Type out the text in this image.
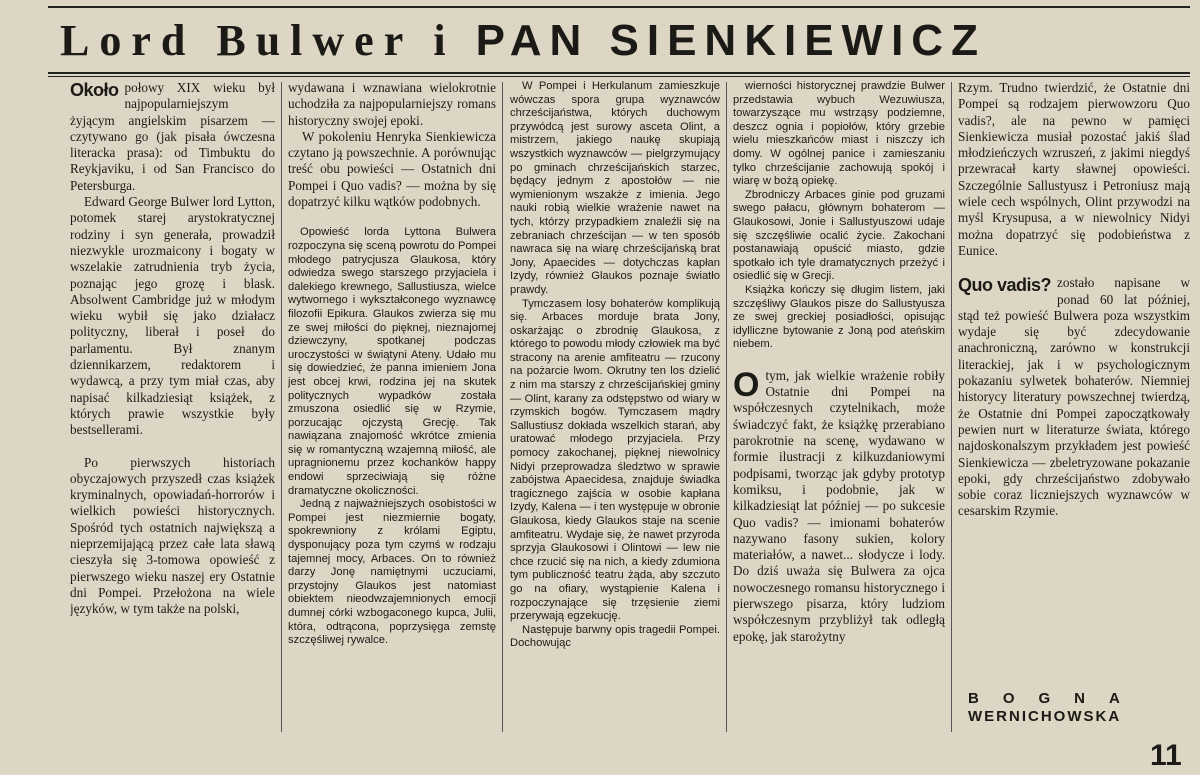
Lord Bulwer i PAN SIENKIEWICZ

Około połowy XIX wieku był najpopularniejszym żyjącym angielskim pisarzem — czytywano go (jak pisała ówczesna literacka prasa): od Timbuktu do Reykjaviku, i od San Francisco do Petersburga.

Edward George Bulwer lord Lytton, potomek starej arystokratycznej rodziny i syn generała, prowadził niezwykle urozmaicony i bogaty w wszelakie zatrudnienia tryb życia, poznając jego grozę i blask. Absolwent Cambridge już w młodym wieku wybił się jako działacz polityczny, liberał i poseł do parlamentu. Był znanym dziennikarzem, redaktorem i wydawcą, a przy tym miał czas, aby napisać kilkadziesiąt książek, z których prawie wszystkie były bestsellerami.

Po pierwszych historiach obyczajowych przyszedł czas książek kryminalnych, opowiadań-horrorów i wielkich powieści historycznych. Spośród tych ostatnich największą a nieprzemijającą przez całe lata sławą cieszyła się 3-tomowa opowieść z pierwszego wieku naszej ery Ostatnie dni Pompei. Przełożona na wiele języków, w tym także na polski,

wydawana i wznawiana wielokrotnie uchodziła za najpopularniejszy romans historyczny swojej epoki.

W pokoleniu Henryka Sienkiewicza czytano ją powszechnie. A porównując treść obu powieści — Ostatnich dni Pompei i Quo vadis? — można by się dopatrzyć kilku wątków podobnych.

Opowieść lorda Lyttona Bulwera rozpoczyna się sceną powrotu do Pompei młodego patrycjusza Glaukosa, który odwiedza swego starszego przyjaciela i dalekiego krewnego, Sallustiusza, wielce wytwornego i wykształconego wyznawcę filozofii Epikura. Glaukos zwierza się mu ze swej miłości do pięknej, nieznajomej dziewczyny, spotkanej podczas uroczystości w świątyni Ateny. Udało mu się dowiedzieć, że panna imieniem Jona jest obcej krwi, rodzina jej na skutek politycznych wypadków została zmuszona osiedlić się w Rzymie, porzucając ojczystą Grecję. Tak nawiązana znajomość wkrótce zmienia się w romantyczną wzajemną miłość, ale upragnionemu przez kochanków happy endowi sprzeciwiają się różne dramatyczne okoliczności.

Jedną z najważniejszych osobistości w Pompei jest niezmiernie bogaty, spokrewniony z królami Egiptu, dysponujący poza tym czymś w rodzaju tajemnej mocy, Arbaces. On to również darzy Jonę namiętnymi uczuciami, przystojny Glaukos jest natomiast obiektem nieodwzajemnionych emocji dumnej córki wzbogaconego kupca, Julii, która, odtrącona, poprzysięga zemstę szczęśliwej rywalce.

W Pompei i Herkulanum zamieszkuje wówczas spora grupa wyznawców chrześcijaństwa, których duchowym przywódcą jest surowy asceta Olint, a mistrzem, jakiego naukę skupiają wszystkich wyznawców — pielgrzymujący po gminach chrześcijańskich starzec, będący jednym z apostołów — nie wymienionym wszakże z imienia. Jego nauki robią wielkie wrażenie nawet na tych, którzy przypadkiem znaleźli się na zebraniach chrześcijan — w ten sposób nawraca się na wiarę chrześcijańską brat Jony, Apaecides — dotychczas kapłan Izydy, również Glaukos poznaje światło prawdy.

Tymczasem losy bohaterów komplikują się. Arbaces morduje brata Jony, oskarżając o zbrodnię Glaukosa, z którego to powodu młody człowiek ma być stracony na arenie amfiteatru — rzucony na pożarcie lwom. Okrutny ten los dzielić z nim ma starszy z chrześcijańskiej gminy — Olint, karany za odstępstwo od wiary w rzymskich bogów. Tymczasem mądry Sallustiusz dokłada wszelkich starań, aby uratować młodego przyjaciela. Przy pomocy zakochanej, pięknej niewolnicy Nidyi przeprowadza śledztwo w sprawie zabójstwa Apaecidesa, znajduje świadka tragicznego zajścia w osobie kapłana Izydy, Kalena — i ten występuje w obronie Glaukosa, kiedy Glaukos staje na scenie amfiteatru. Wydaje się, że nawet przyroda sprzyja Glaukosowi i Olintowi — lew nie chce rzucić się na nich, a kiedy zdumiona tym publiczność teatru żąda, aby szczuto go na ofiary, wystąpienie Kalena i rozpoczynające się trzęsienie ziemi przerywają egzekucję.

Następuje barwny opis tragedii Pompei. Dochowując

wierności historycznej prawdzie Bulwer przedstawia wybuch Wezuwiusza, towarzyszące mu wstrząsy podziemne, deszcz ognia i popiołów, który grzebie wielu mieszkańców miast i niszczy ich domy. W ogólnej panice i zamieszaniu tylko chrześcijanie zachowują spokój i wiarę w bożą opiekę.

Zbrodniczy Arbaces ginie pod gruzami swego pałacu, głównym bohaterom — Glaukosowi, Jonie i Sallustyuszowi udaje się szczęśliwie ocalić życie. Zakochani postanawiają opuścić miasto, gdzie spotkało ich tyle dramatycznych przeżyć i osiedlić się w Grecji.

Książka kończy się długim listem, jaki szczęśliwy Glaukos pisze do Sallustyusza ze swej greckiej posiadłości, opisując idylliczne bytowanie z Joną pod ateńskim niebem.

Otym, jak wielkie wrażenie robiły Ostatnie dni Pompei na współczesnych czytelnikach, może świadczyć fakt, że książkę przerabiano parokrotnie na scenę, wydawano w formie ilustracji z kilkuzdaniowymi podpisami, tworząc jak gdyby prototyp komiksu, i podobnie, jak w kilkadziesiąt lat później — po sukcesie Quo vadis? — imionami bohaterów nazywano fasony sukien, kolory materiałów, a nawet... słodycze i lody. Do dziś uważa się Bulwera za ojca nowoczesnego romansu historycznego i pierwszego pisarza, który ludziom współczesnym przybliżył tak odległą epokę, jak starożytny

Rzym. Trudno twierdzić, że Ostatnie dni Pompei są rodzajem pierwowzoru Quo vadis?, ale na pewno w pamięci Sienkiewicza musiał pozostać jakiś ślad młodzieńczych wzruszeń, z jakimi niegdyś przewracał karty sławnej opowieści. Szczególnie Sallustyusz i Petroniusz mają wiele cech wspólnych, Olint przywodzi na myśl Krysupusa, a w niewolnicy Nidyi można dopatrzyć się podobieństwa z Eunice.

Quo vadis? zostało napisane w ponad 60 lat później, stąd też powieść Bulwera poza wszystkim wydaje się być zdecydowanie anachroniczną, zarówno w konstrukcji literackiej, jak i w psychologicznym pokazaniu sylwetek bohaterów. Niemniej historycy literatury powszechnej twierdzą, że Ostatnie dni Pompei zapoczątkowały pewien nurt w literaturze świata, którego najdoskonalszym przykładem jest powieść Sienkiewicza — zbeletryzowane pokazanie epoki, gdy chrześcijaństwo zdobywało sobie coraz liczniejszych wyznawców w cesarskim Rzymie.

BOGNA
WERNICHOWSKA
11
